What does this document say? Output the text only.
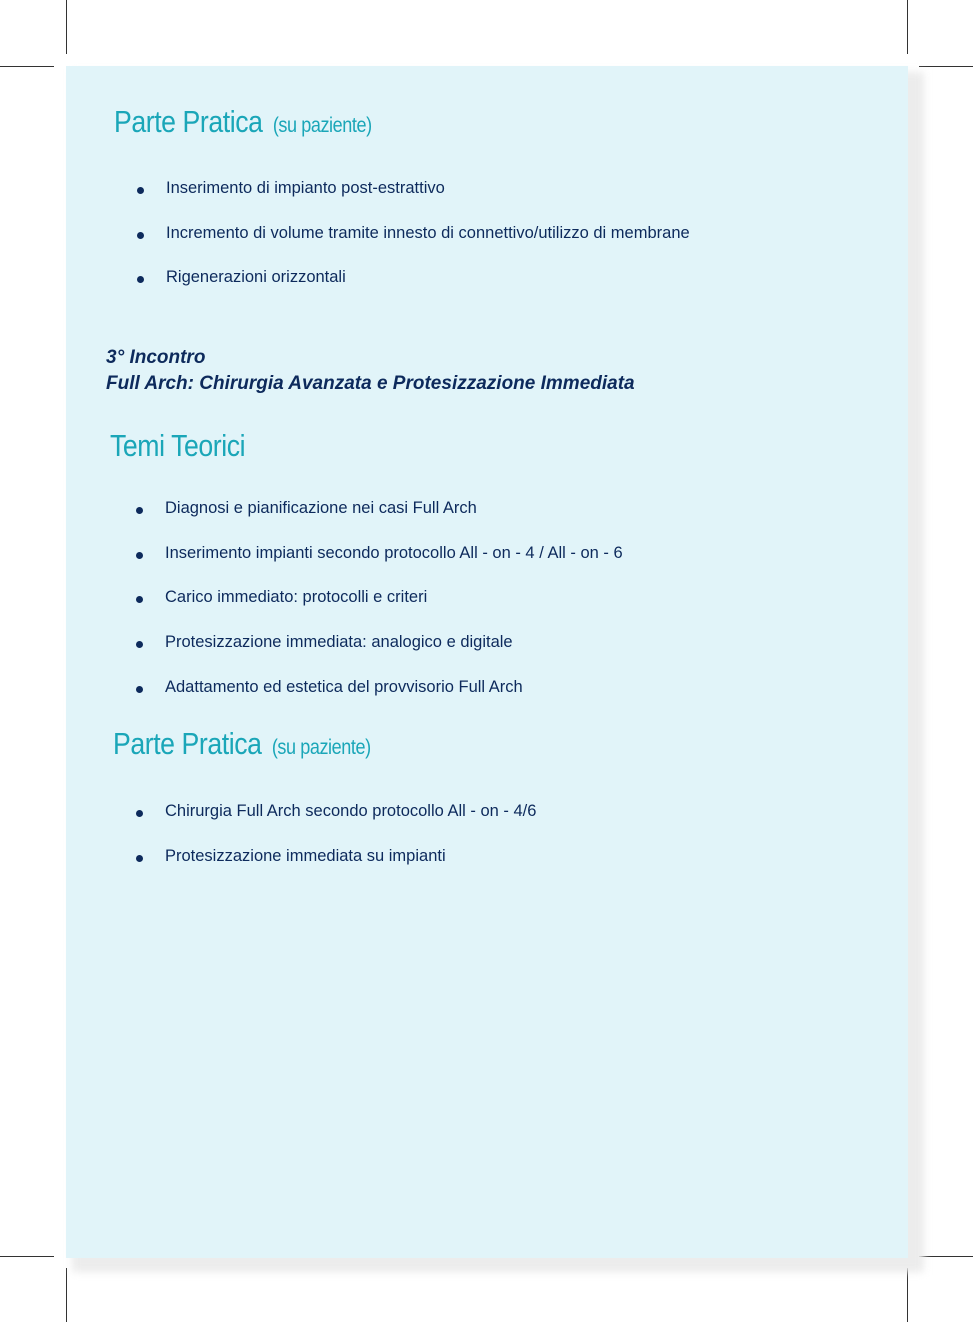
Parte Pratica (su paziente)
Inserimento di impianto post-estrattivo
Incremento di volume tramite innesto di connettivo/utilizzo di membrane
Rigenerazioni orizzontali
3° Incontro
Full Arch: Chirurgia Avanzata e Protesizzazione Immediata
Temi Teorici
Diagnosi e pianificazione nei casi Full Arch
Inserimento impianti secondo protocollo All - on - 4 / All - on - 6
Carico immediato: protocolli e criteri
Protesizzazione immediata: analogico e digitale
Adattamento ed estetica del provvisorio Full Arch
Parte Pratica (su paziente)
Chirurgia Full Arch secondo protocollo All - on - 4/6
Protesizzazione immediata su impianti
